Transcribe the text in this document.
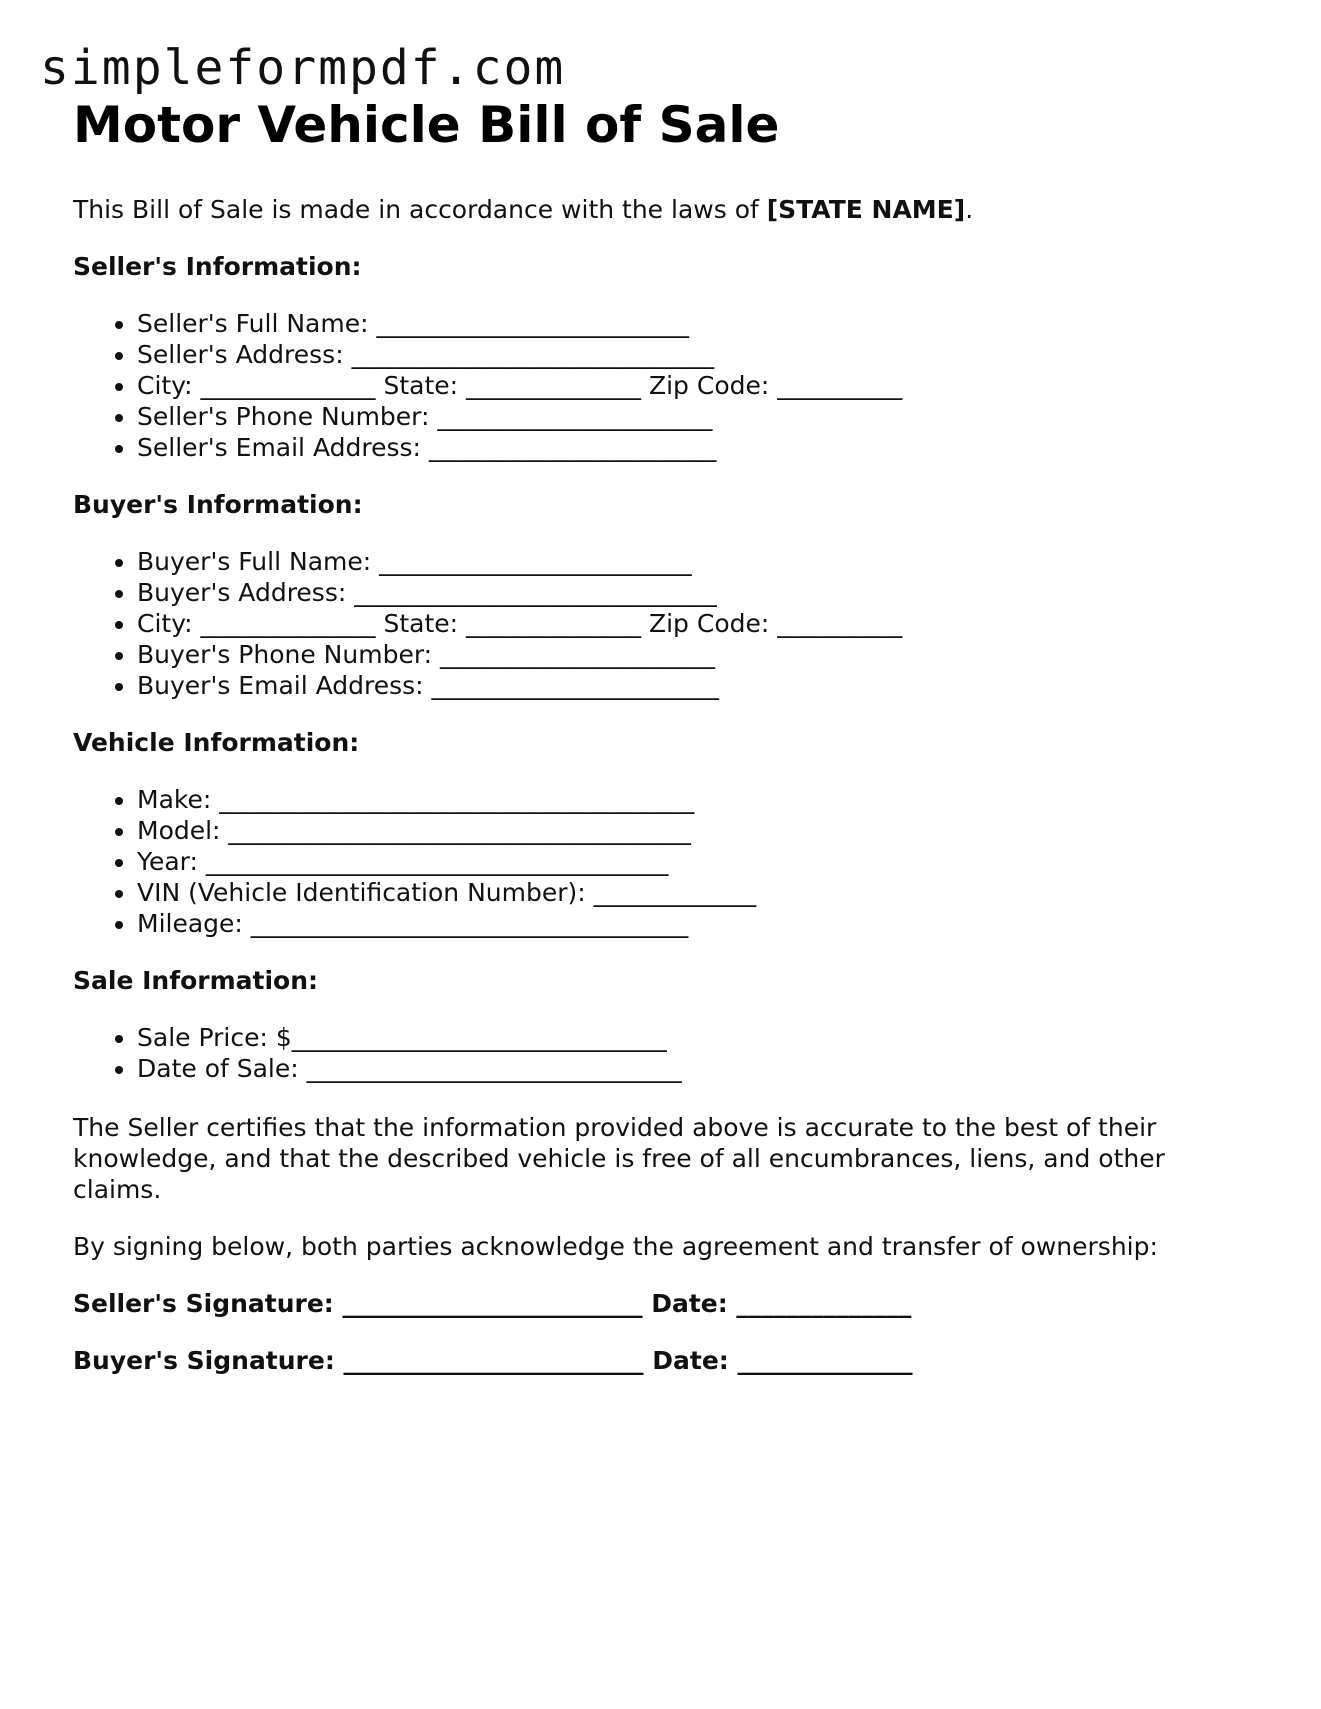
simpleformpdf.com
Motor Vehicle Bill of Sale

This Bill of Sale is made in accordance with the laws of [STATE NAME].

Seller's Information:
• Seller's Full Name: _________________________
• Seller's Address: _____________________________
• City: ______________ State: ______________ Zip Code: __________
• Seller's Phone Number: ______________________
• Seller's Email Address: _______________________
Buyer's Information:
• Buyer's Full Name: _________________________
• Buyer's Address: _____________________________
• City: ______________ State: ______________ Zip Code: __________
• Buyer's Phone Number: ______________________
• Buyer's Email Address: _______________________
Vehicle Information:
• Make: ______________________________________
• Model: _____________________________________
• Year: _____________________________________
• VIN (Vehicle Identification Number): _____________
• Mileage: ___________________________________
Sale Information:
• Sale Price: $______________________________
• Date of Sale: ______________________________

The Seller certifies that the information provided above is accurate to the best of their knowledge, and that the described vehicle is free of all encumbrances, liens, and other claims.

By signing below, both parties acknowledge the agreement and transfer of ownership:

Seller's Signature: ________________________ Date: ______________
Buyer's Signature: ________________________ Date: ______________
